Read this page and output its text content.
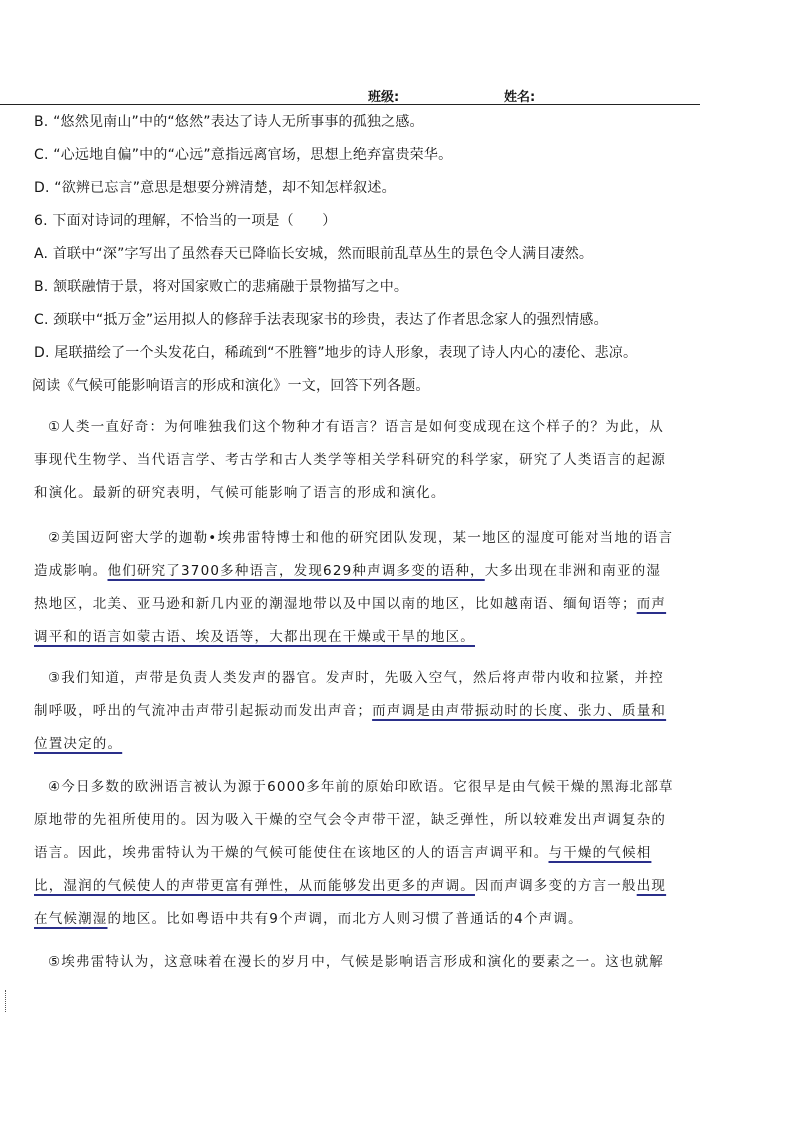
班级:	姓名:
B. “悠然见南山”中的“悠然”表达了诗人无所事事的孤独之感。
C. “心远地自偏”中的“心远”意指远离官场，思想上绝弃富贵荣华。
D. “欲辨已忘言”意思是想要分辨清楚，却不知怎样叙述。
6. 下面对诗词的理解，不恰当的一项是（　　）
A. 首联中“深”字写出了虽然春天已降临长安城，然而眼前乱草丛生的景色令人满目凄然。
B. 颔联融情于景，将对国家败亡的悲痛融于景物描写之中。
C. 颈联中“抵万金”运用拟人的修辞手法表现家书的珍贵，表达了作者思念家人的强烈情感。
D. 尾联描绘了一个头发花白，稀疏到“不胜簪”地步的诗人形象，表现了诗人内心的凄伦、悲凉。
阅读《气候可能影响语言的形成和演化》一文，回答下列各题。
①人类一直好奇：为何唯独我们这个物种才有语言？语言是如何变成现在这个样子的？为此，从事现代生物学、当代语言学、考古学和古人类学等相关学科研究的科学家，研究了人类语言的起源和演化。最新的研究表明，气候可能影响了语言的形成和演化。
②美国迈阿密大学的迦勒•埃弗雷特博士和他的研究团队发现，某一地区的湿度可能对当地的语言造成影响。他们研究了3700多种语言，发现629种声调多变的语种，大多出现在非洲和南亚的湿热地区，北美、亚马逊和新几内亚的潮湿地带以及中国以南的地区，比如越南语、缅甸语等；而声调平和的语言如蒙古语、埃及语等，大都出现在干燥或干旱的地区。
③我们知道，声带是负责人类发声的器官。发声时，先吸入空气，然后将声带内收和拉紧，并控制呼吸，呼出的气流冲击声带引起振动而发出声音；而声调是由声带振动时的长度、张力、质量和位置决定的。
④今日多数的欧洲语言被认为源于6000多年前的原始印欧语。它很早是由气候干燥的黑海北部草原地带的先祖所使用的。因为吸入干燥的空气会令声带干涩，缺乏弹性，所以较难发出声调复杂的语言。因此，埃弗雷特认为干燥的气候可能使住在该地区的人的语言声调平和。与干燥的气候相比，湿润的气候使人的声带更富有弹性，从而能够发出更多的声调。因而声调多变的方言一般出现在气候潮湿的地区。比如粤语中共有9个声调，而北方人则习惯了普通话的4个声调。
⑤埃弗雷特认为，这意味着在漫长的岁月中，气候是影响语言形成和演化的要素之一。这也就解
